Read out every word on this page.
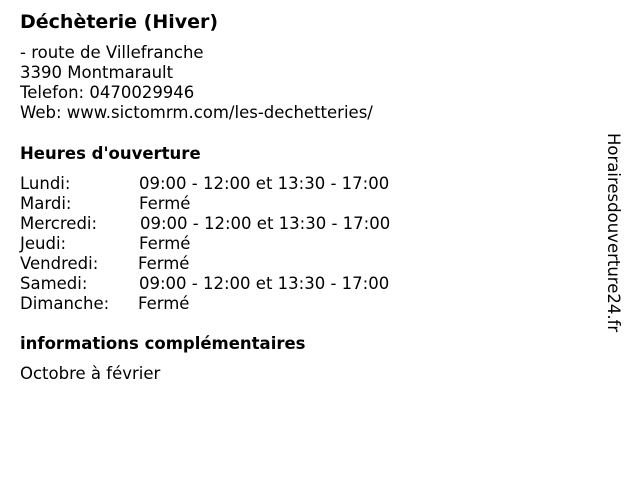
Déchèterie (Hiver)
- route de Villefranche
3390 Montmarault
Telefon: 0470029946
Web: www.sictomrm.com/les-dechetteries/
Heures d'ouverture
Lundi:	09:00 - 12:00 et 13:30 - 17:00
Mardi:	Fermé
Mercredi:	09:00 - 12:00 et 13:30 - 17:00
Jeudi:	Fermé
Vendredi: Fermé
Samedi:	09:00 - 12:00 et 13:30 - 17:00
Dimanche: Fermé
informations complémentaires
Octobre à février
Horairesdouverture24.fr
